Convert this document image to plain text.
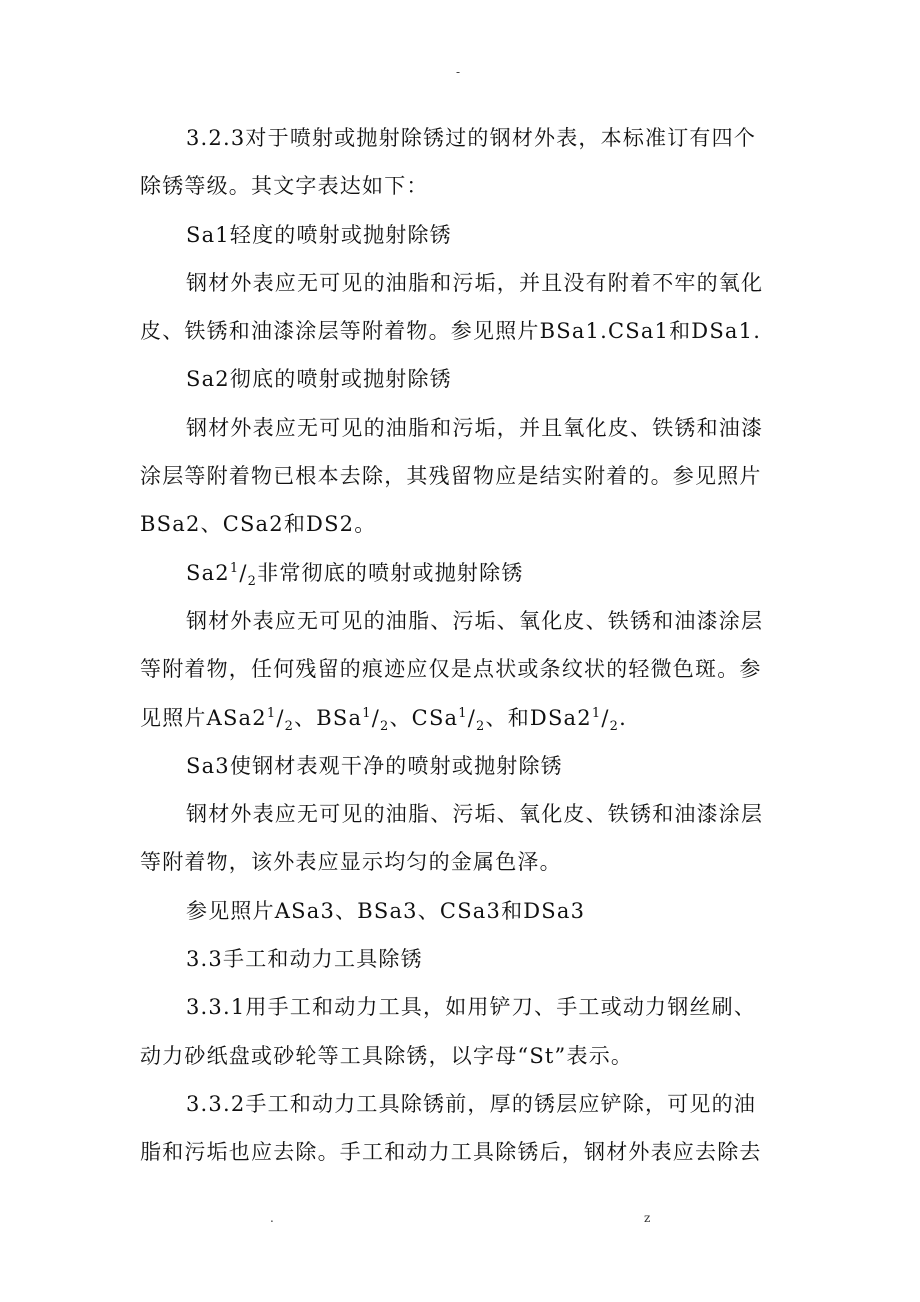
-

3.2.3对于喷射或抛射除锈过的钢材外表，本标准订有四个

除锈等级。其文字表达如下：

Sa1轻度的喷射或抛射除锈

钢材外表应无可见的油脂和污垢，并且没有附着不牢的氧化

皮、铁锈和油漆涂层等附着物。参见照片BSa1.CSa1和DSa1.

Sa2彻底的喷射或抛射除锈

钢材外表应无可见的油脂和污垢，并且氧化皮、铁锈和油漆

涂层等附着物已根本去除，其残留物应是结实附着的。参见照片

BSa2、CSa2和DS2。

$Sa2^1/_2$非常彻底的喷射或抛射除锈

钢材外表应无可见的油脂、污垢、氧化皮、铁锈和油漆涂层

等附着物，任何残留的痕迹应仅是点状或条纹状的轻微色斑。参

见照片$ASa2^1/_2$、$BSa^1/_2$、$CSa^1/_2$、和$DSa2^1/_2$.

Sa3使钢材表观干净的喷射或抛射除锈

钢材外表应无可见的油脂、污垢、氧化皮、铁锈和油漆涂层

等附着物，该外表应显示均匀的金属色泽。

参见照片ASa3、BSa3、CSa3和DSa3

3.3手工和动力工具除锈

3.3.1用手工和动力工具，如用铲刀、手工或动力钢丝刷、

动力砂纸盘或砂轮等工具除锈，以字母“St”表示。

3.3.2手工和动力工具除锈前，厚的锈层应铲除，可见的油

脂和污垢也应去除。手工和动力工具除锈后，钢材外表应去除去

.	z
